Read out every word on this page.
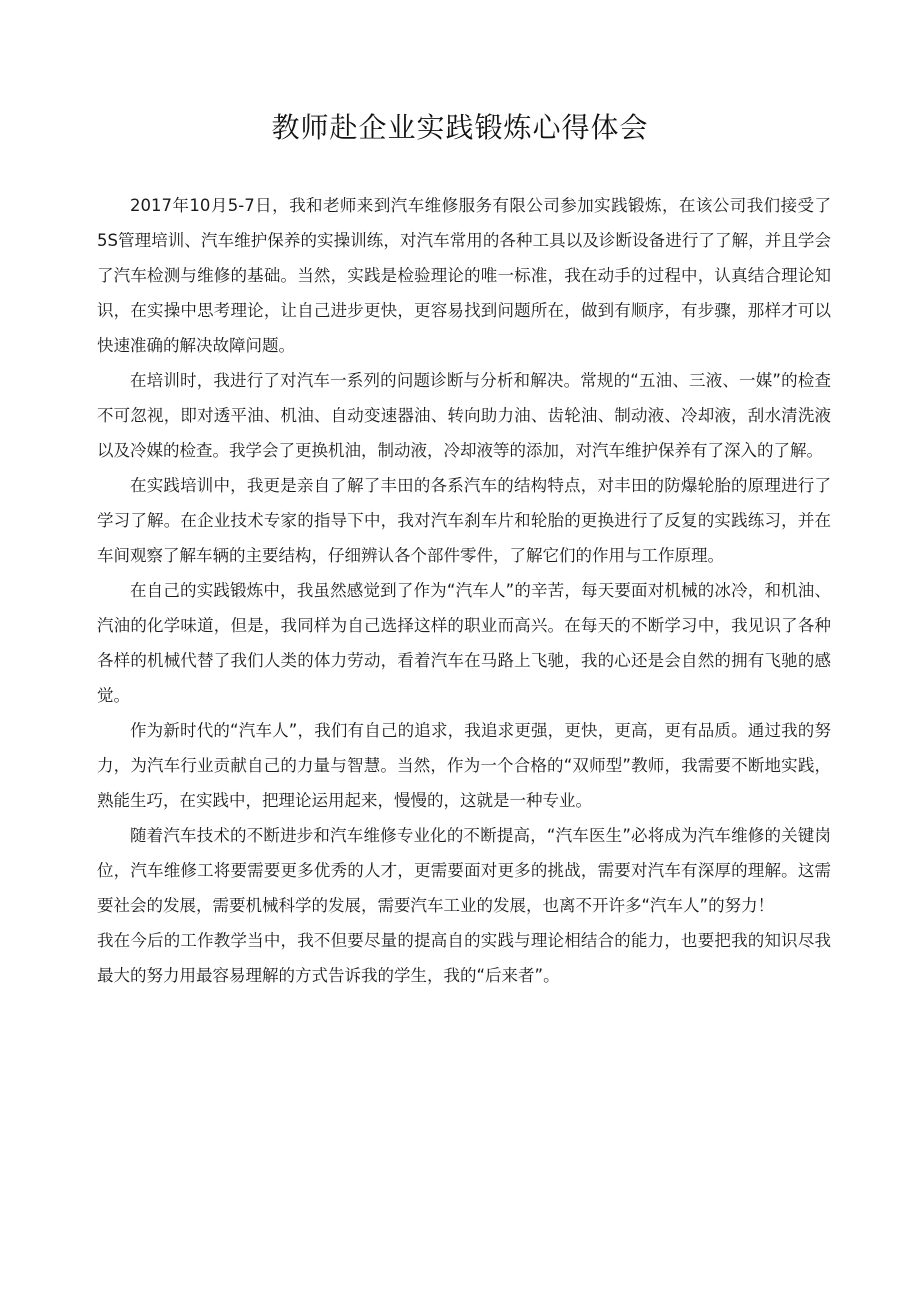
教师赴企业实践锻炼心得体会

2017年10月5-7日，我和老师来到汽车维修服务有限公司参加实践锻炼，在该公司我们接受了5S管理培训、汽车维护保养的实操训练，对汽车常用的各种工具以及诊断设备进行了了解，并且学会了汽车检测与维修的基础。当然，实践是检验理论的唯一标准，我在动手的过程中，认真结合理论知识，在实操中思考理论，让自己进步更快，更容易找到问题所在，做到有顺序，有步骤，那样才可以快速准确的解决故障问题。

在培训时，我进行了对汽车一系列的问题诊断与分析和解决。常规的“五油、三液、一媒”的检查不可忽视，即对透平油、机油、自动变速器油、转向助力油、齿轮油、制动液、冷却液，刮水清洗液以及冷媒的检查。我学会了更换机油，制动液，冷却液等的添加，对汽车维护保养有了深入的了解。

在实践培训中，我更是亲自了解了丰田的各系汽车的结构特点，对丰田的防爆轮胎的原理进行了学习了解。在企业技术专家的指导下中，我对汽车刹车片和轮胎的更换进行了反复的实践练习，并在车间观察了解车辆的主要结构，仔细辨认各个部件零件，了解它们的作用与工作原理。

在自己的实践锻炼中，我虽然感觉到了作为“汽车人”的辛苦，每天要面对机械的冰冷，和机油、汽油的化学味道，但是，我同样为自己选择这样的职业而高兴。在每天的不断学习中，我见识了各种各样的机械代替了我们人类的体力劳动，看着汽车在马路上飞驰，我的心还是会自然的拥有飞驰的感觉。

作为新时代的“汽车人”，我们有自己的追求，我追求更强，更快，更高，更有品质。通过我的努力，为汽车行业贡献自己的力量与智慧。当然，作为一个合格的“双师型”教师，我需要不断地实践，熟能生巧，在实践中，把理论运用起来，慢慢的，这就是一种专业。

随着汽车技术的不断进步和汽车维修专业化的不断提高，“汽车医生”必将成为汽车维修的关键岗位，汽车维修工将要需要更多优秀的人才，更需要面对更多的挑战，需要对汽车有深厚的理解。这需要社会的发展，需要机械科学的发展，需要汽车工业的发展，也离不开许多“汽车人”的努力！

我在今后的工作教学当中，我不但要尽量的提高自的实践与理论相结合的能力，也要把我的知识尽我最大的努力用最容易理解的方式告诉我的学生，我的“后来者”。
